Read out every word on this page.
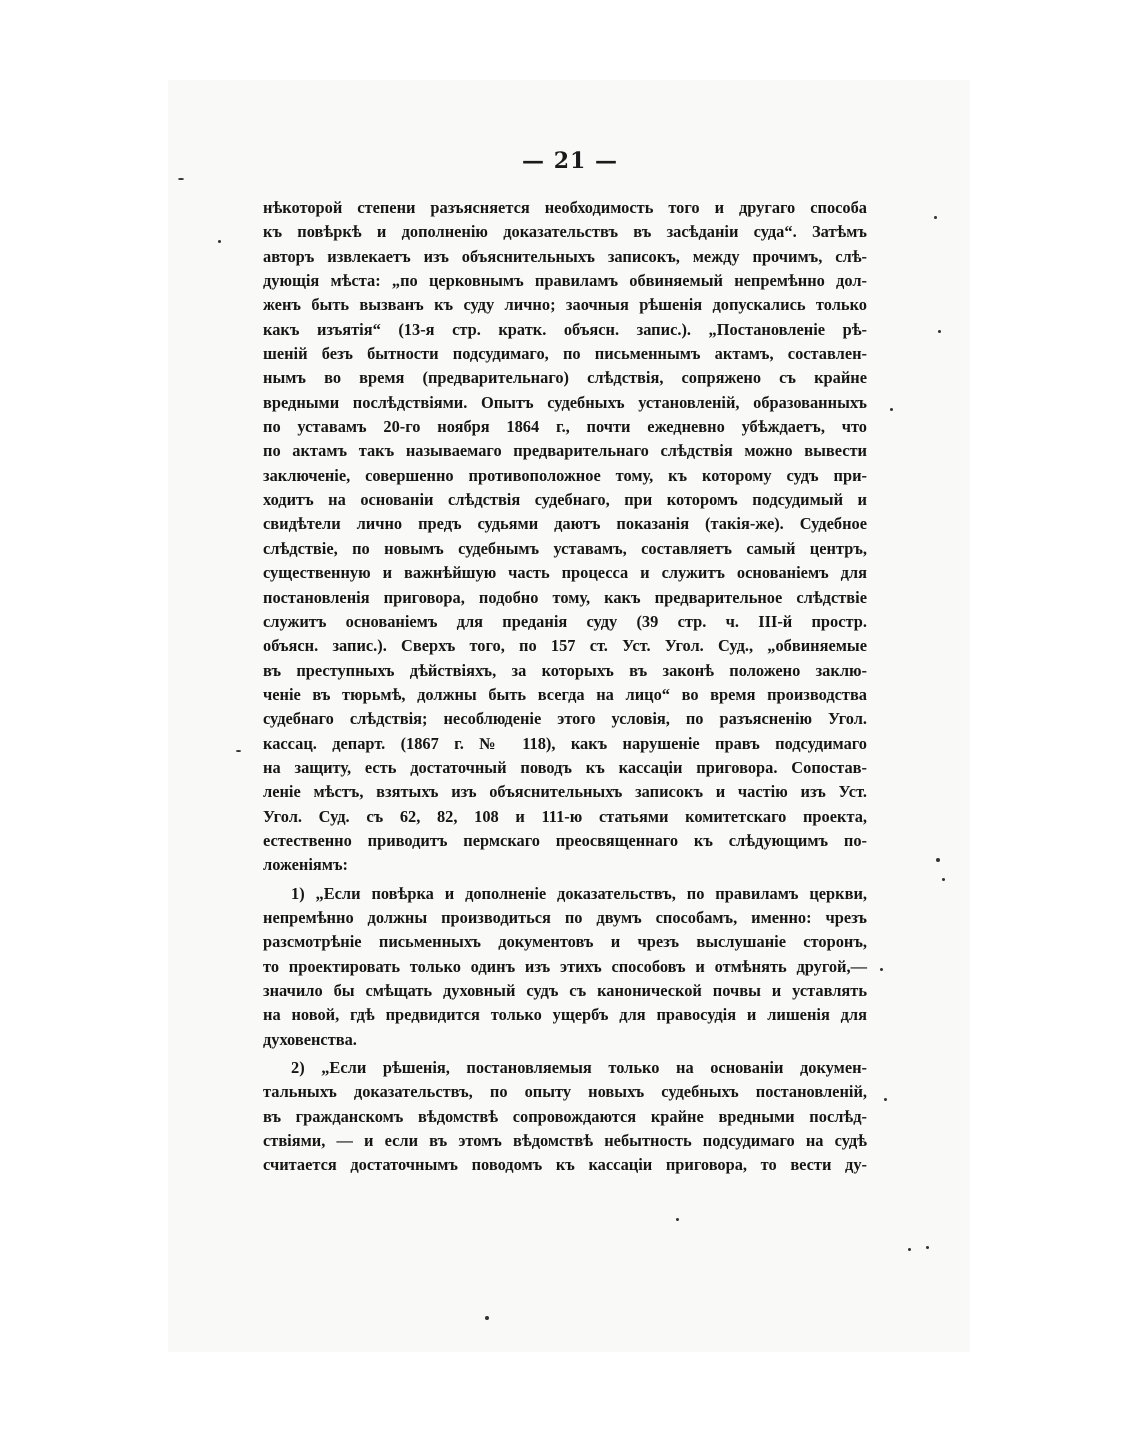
— 21 —
нѣкоторой степени разъясняется необходимость того и другаго способа
къ повѣркѣ и дополненію доказательствъ въ засѣданіи суда“. Затѣмъ
авторъ извлекаетъ изъ объяснительныхъ записокъ, между прочимъ, слѣ-
дующія мѣста: „по церковнымъ правиламъ обвиняемый непремѣнно дол-
женъ быть вызванъ къ суду лично; заочныя рѣшенія допускались только
какъ изъятія“ (13-я стр. кратк. объясн. запис.). „Постановленіе рѣ-
шеній безъ бытности подсудимаго, по письменнымъ актамъ, составлен-
нымъ во время (предварительнаго) слѣдствія, сопряжено съ крайне
вредными послѣдствіями. Опытъ судебныхъ установленій, образованныхъ
по уставамъ 20-го ноября 1864 г., почти ежедневно убѣждаетъ, что
по актамъ такъ называемаго предварительнаго слѣдствія можно вывести
заключеніе, совершенно противоположное тому, къ которому судъ при-
ходитъ на основаніи слѣдствія судебнаго, при которомъ подсудимый и
свидѣтели лично предъ судьями даютъ показанія (такія-же). Судебное
слѣдствіе, по новымъ судебнымъ уставамъ, составляетъ самый центръ,
существенную и важнѣйшую часть процесса и служитъ основаніемъ для
постановленія приговора, подобно тому, какъ предварительное слѣдствіе
служитъ основаніемъ для преданія суду (39 стр. ч. III-й простр.
объясн. запис.). Сверхъ того, по 157 ст. Уст. Угол. Суд., „обвиняемые
въ преступныхъ дѣйствіяхъ, за которыхъ въ законѣ положено заклю-
ченіе въ тюрьмѣ, должны быть всегда на лицо“ во время производства
судебнаго слѣдствія; несоблюденіе этого условія, по разъясненію Угол.
кассац. департ. (1867 г. № 118), какъ нарушеніе правъ подсудимаго
на защиту, есть достаточный поводъ къ кассаціи приговора. Сопостав-
леніе мѣстъ, взятыхъ изъ объяснительныхъ записокъ и частію изъ Уст.
Угол. Суд. съ 62, 82, 108 и 111-ю статьями комитетскаго проекта,
естественно приводитъ пермскаго преосвященнаго къ слѣдующимъ по-
ложеніямъ:
1) „Если повѣрка и дополненіе доказательствъ, по правиламъ церкви,
непремѣнно должны производиться по двумъ способамъ, именно: чрезъ
разсмотрѣніе письменныхъ документовъ и чрезъ выслушаніе сторонъ,
то проектировать только одинъ изъ этихъ способовъ и отмѣнять другой,—
значило бы смѣщать духовный судъ съ канонической почвы и уставлять
на новой, гдѣ предвидится только ущербъ для правосудія и лишенія для
духовенства.
2) „Если рѣшенія, постановляемыя только на основаніи докумен-
тальныхъ доказательствъ, по опыту новыхъ судебныхъ постановленій,
въ гражданскомъ вѣдомствѣ сопровождаются крайне вредными послѣд-
ствіями, — и если въ этомъ вѣдомствѣ небытность подсудимаго на судѣ
считается достаточнымъ поводомъ къ кассаціи приговора, то вести ду-
